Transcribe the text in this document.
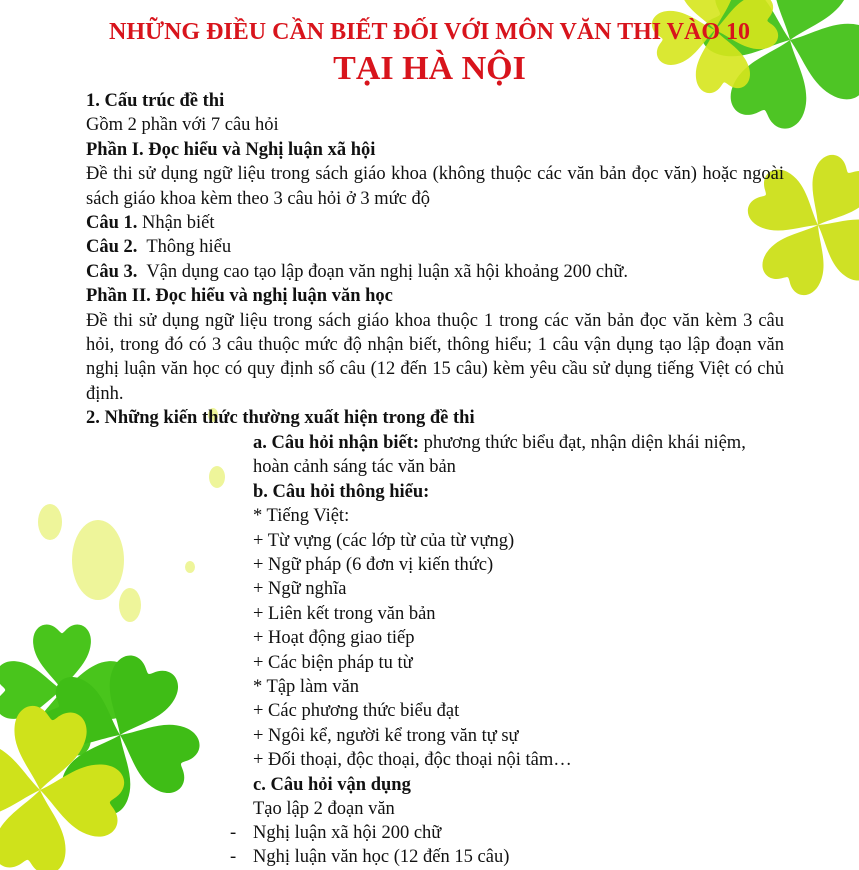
NHỮNG ĐIỀU CẦN BIẾT ĐỐI VỚI MÔN VĂN THI VÀO 10
TẠI HÀ NỘI
1. Cấu trúc đề thi
Gồm 2 phần với 7 câu hỏi
Phần I. Đọc hiểu và Nghị luận xã hội
Đề thi sử dụng ngữ liệu trong sách giáo khoa (không thuộc các văn bản đọc văn) hoặc ngoài sách giáo khoa kèm theo 3 câu hỏi ở 3 mức độ
Câu 1. Nhận biết
Câu 2.  Thông hiểu
Câu 3.  Vận dụng cao tạo lập đoạn văn nghị luận xã hội khoảng 200 chữ.
Phần II. Đọc hiểu và nghị luận văn học
Đề thi sử dụng ngữ liệu trong sách giáo khoa thuộc 1 trong các văn bản đọc văn kèm 3 câu hỏi, trong đó có 3 câu thuộc mức độ nhận biết, thông hiểu; 1 câu vận dụng tạo lập đoạn văn nghị luận văn học có quy định số câu (12 đến 15 câu) kèm yêu cầu sử dụng tiếng Việt có chủ định.
2. Những kiến thức thường xuất hiện trong đề thi
a. Câu hỏi nhận biết: phương thức biểu đạt, nhận diện khái niệm, hoàn cảnh sáng tác văn bản
b. Câu hỏi thông hiểu:
* Tiếng Việt:
+ Từ vựng (các lớp từ của từ vựng)
+ Ngữ pháp (6 đơn vị kiến thức)
+ Ngữ nghĩa
+ Liên kết trong văn bản
+ Hoạt động giao tiếp
+ Các biện pháp tu từ
* Tập làm văn
+ Các phương thức biểu đạt
+ Ngôi kể, người kể trong văn tự sự
+ Đối thoại, độc thoại, độc thoại nội tâm…
c. Câu hỏi vận dụng
Tạo lập 2 đoạn văn
- Nghị luận xã hội 200 chữ
- Nghị luận văn học (12 đến 15 câu)
